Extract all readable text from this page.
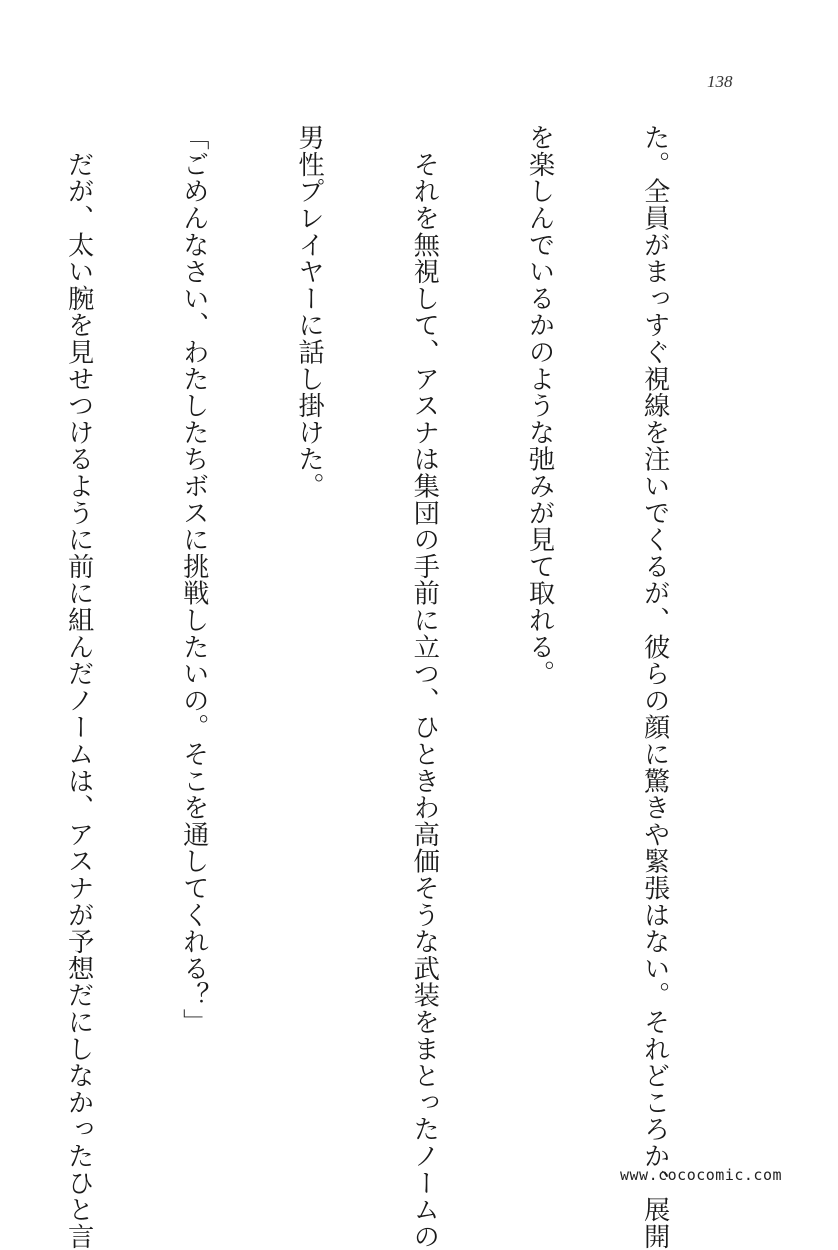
138

た。全員がまっすぐ視線を注いでくるが、彼らの顔に驚きや緊張はない。それどころか、展開

を楽しんでいるかのような弛みが見て取れる。

　それを無視して、アスナは集団の手前に立つ、ひときわ高価そうな武装をまとったノームの

男性プレイヤーに話し掛けた。

「ごめんなさい、わたしたちボスに挑戦したいの。そこを通してくれる？」

　だが、太い腕を見せつけるように前に組んだノームは、アスナが予想だにしなかったひと言

	www.cococomic.com
